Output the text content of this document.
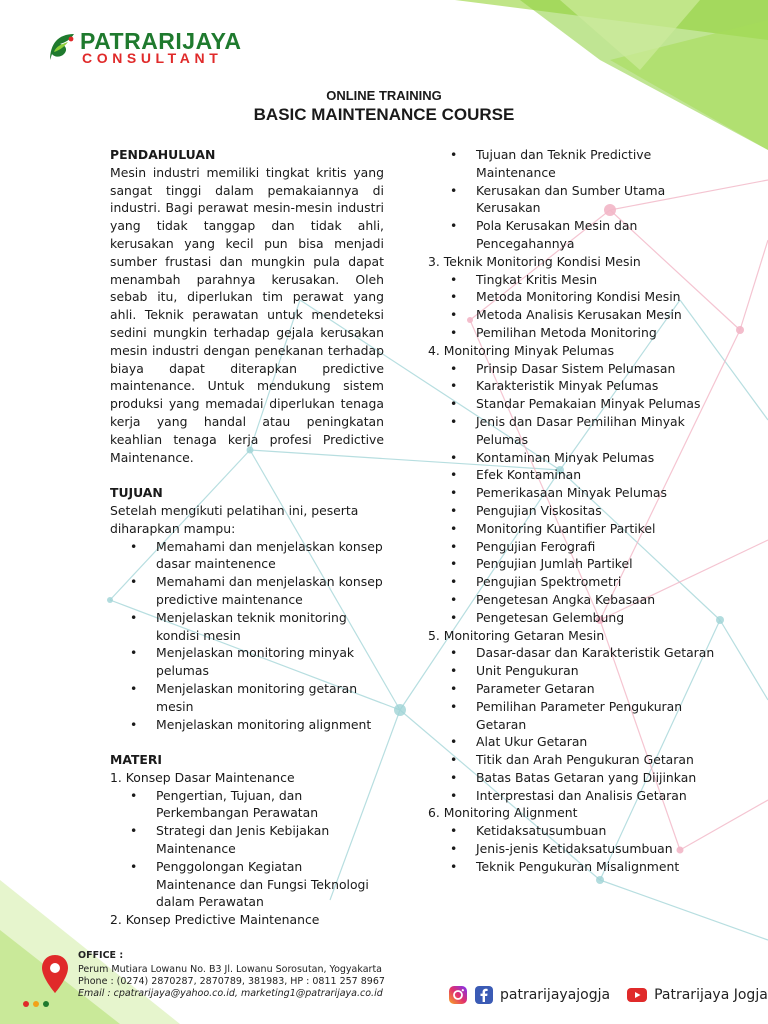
PATRARIJAYA
CONSULTANT
ONLINE TRAINING
BASIC MAINTENANCE COURSE
PENDAHULUAN
Mesin industri memiliki tingkat kritis yang sangat tinggi dalam pemakaiannya di industri. Bagi perawat mesin-mesin industri yang tidak tanggap dan tidak ahli, kerusakan yang kecil pun bisa menjadi sumber frustasi dan mungkin pula dapat menambah parahnya kerusakan. Oleh sebab itu, diperlukan tim perawat yang ahli. Teknik perawatan untuk mendeteksi sedini mungkin terhadap gejala kerusakan mesin industri dengan penekanan terhadap biaya dapat diterapkan predictive maintenance. Untuk mendukung sistem produksi yang memadai diperlukan tenaga kerja yang handal atau peningkatan keahlian tenaga kerja profesi Predictive Maintenance.
TUJUAN
Setelah mengikuti pelatihan ini, peserta diharapkan mampu:
• Memahami dan menjelaskan konsep dasar maintenence
• Memahami dan menjelaskan konsep predictive maintenance
• Menjelaskan teknik monitoring kondisi mesin
• Menjelaskan monitoring minyak pelumas
• Menjelaskan monitoring getaran mesin
• Menjelaskan monitoring alignment
MATERI
1. Konsep Dasar Maintenance
• Pengertian, Tujuan, dan Perkembangan Perawatan
• Strategi dan Jenis Kebijakan Maintenance
• Penggolongan Kegiatan Maintenance dan Fungsi Teknologi dalam Perawatan
2. Konsep Predictive Maintenance
• Tujuan dan Teknik Predictive Maintenance
• Kerusakan dan Sumber Utama Kerusakan
• Pola Kerusakan Mesin dan Pencegahannya
3. Teknik Monitoring Kondisi Mesin
• Tingkat Kritis Mesin
• Metoda Monitoring Kondisi Mesin
• Metoda Analisis Kerusakan Mesin
• Pemilihan Metoda Monitoring
4. Monitoring Minyak Pelumas
• Prinsip Dasar Sistem Pelumasan
• Karakteristik Minyak Pelumas
• Standar Pemakaian Minyak Pelumas
• Jenis dan Dasar Pemilihan Minyak Pelumas
• Kontaminan Minyak Pelumas
• Efek Kontaminan
• Pemerikasaan Minyak Pelumas
• Pengujian Viskositas
• Monitoring Kuantifier Partikel
• Pengujian Ferografi
• Pengujian Jumlah Partikel
• Pengujian Spektrometri
• Pengetesan Angka Kebasaan
• Pengetesan Gelembung
5. Monitoring Getaran Mesin
• Dasar-dasar dan Karakteristik Getaran
• Unit Pengukuran
• Parameter Getaran
• Pemilihan Parameter Pengukuran Getaran
• Alat Ukur Getaran
• Titik dan Arah Pengukuran Getaran
• Batas Batas Getaran yang Diijinkan
• Interprestasi dan Analisis Getaran
6. Monitoring Alignment
• Ketidaksatusumbuan
• Jenis-jenis Ketidaksatusumbuan
• Teknik Pengukuran Misalignment
OFFICE :
Perum Mutiara Lowanu No. B3 Jl. Lowanu Sorosutan, Yogyakarta
Phone : (0274) 2870287, 2870789, 381983, HP : 0811 257 8967
Email : cpatrarijaya@yahoo.co.id, marketing1@patrarijaya.co.id	patrarijayajogja	Patrarijaya Jogja
